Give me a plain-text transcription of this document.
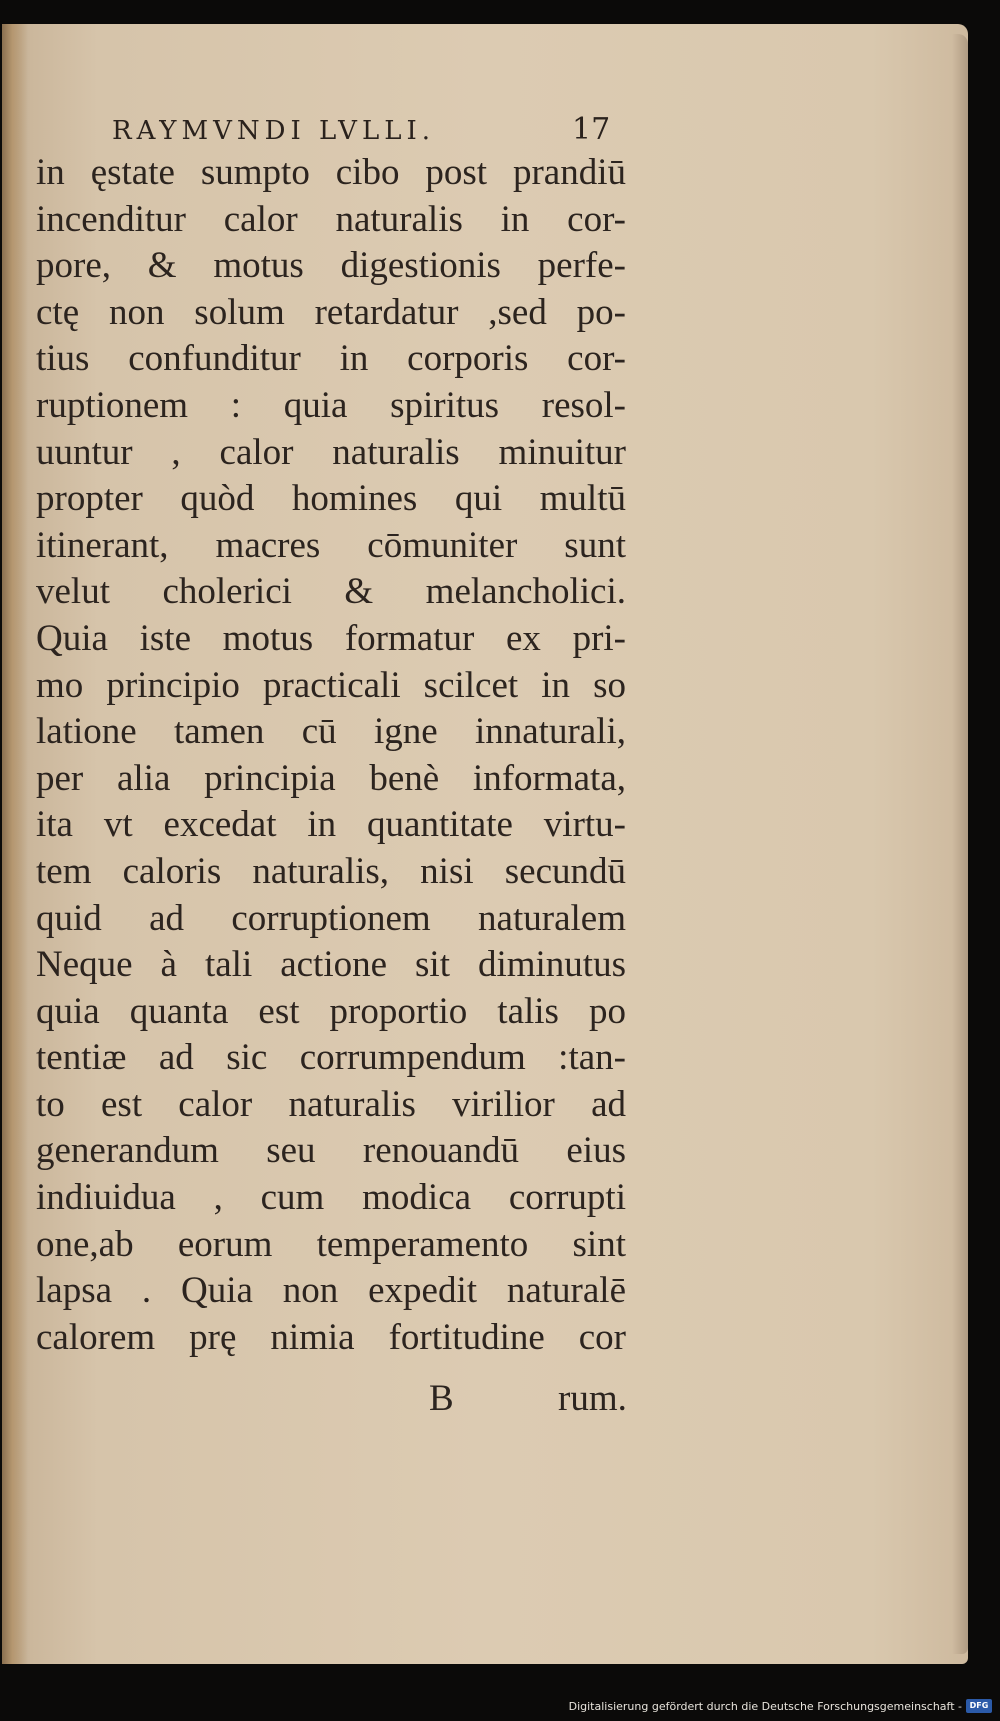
RAYMVNDI LVLLI.	17
in ęstate sumpto cibo post prandiū
incenditur calor naturalis in cor-
pore, & motus digestionis perfe-
ctę non solum retardatur ,sed po-
tius confunditur in corporis cor-
ruptionem : quia spiritus resol-
uuntur , calor naturalis minuitur
propter quòd homines qui multū
itinerant, macres cōmuniter sunt
velut cholerici & melancholici.
Quia iste motus formatur ex pri-
mo principio practicali scilcet in so
latione tamen cū igne innaturali,
per alia principia benè informata,
ita vt excedat in quantitate virtu-
tem caloris naturalis, nisi secundū
quid ad corruptionem naturalem
Neque à tali actione sit diminutus
quia quanta est proportio talis po
tentiæ ad sic corrumpendum :tan-
to est calor naturalis virilior ad
generandum seu renouandū eius
indiuidua , cum modica corrupti
one,ab eorum temperamento sint
lapsa . Quia non expedit naturalē
calorem prę nimia fortitudine cor
B	rum.
Digitalisierung gefördert durch die Deutsche Forschungsgemeinschaft - DFG
